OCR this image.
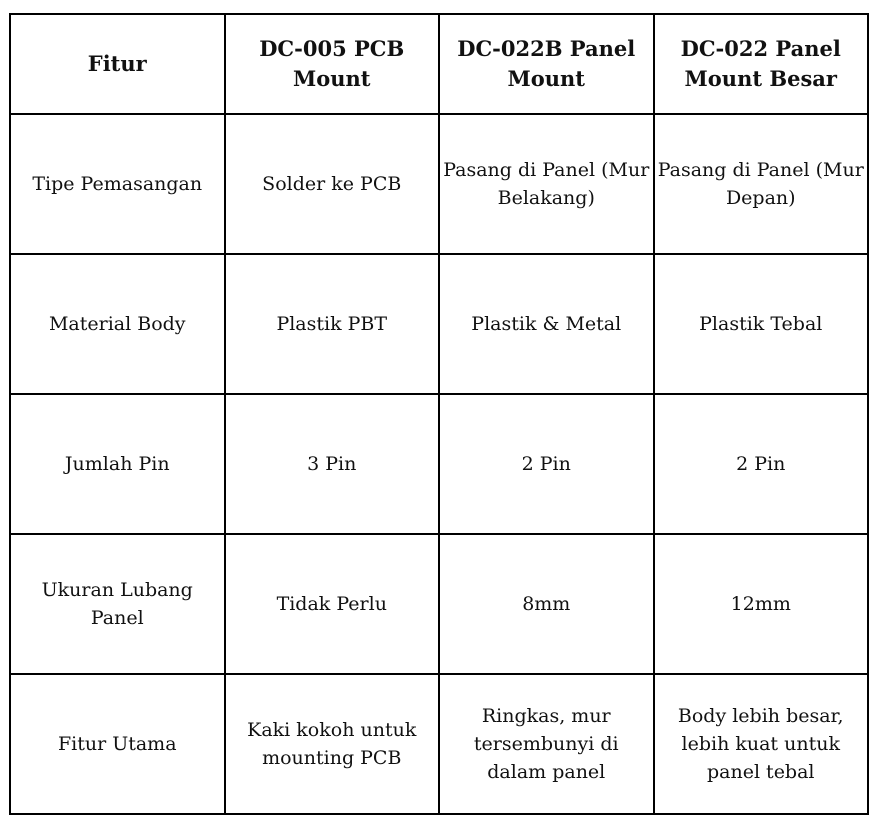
Fitur	DC-005 PCB Mount	DC-022B Panel Mount	DC-022 Panel Mount Besar
Tipe Pemasangan	Solder ke PCB	Pasang di Panel (Mur Belakang)	Pasang di Panel (Mur Depan)
Material Body	Plastik PBT	Plastik & Metal	Plastik Tebal
Jumlah Pin	3 Pin	2 Pin	2 Pin
Ukuran Lubang Panel	Tidak Perlu	8mm	12mm
Fitur Utama	Kaki kokoh untuk mounting PCB	Ringkas, mur tersembunyi di dalam panel	Body lebih besar, lebih kuat untuk panel tebal
